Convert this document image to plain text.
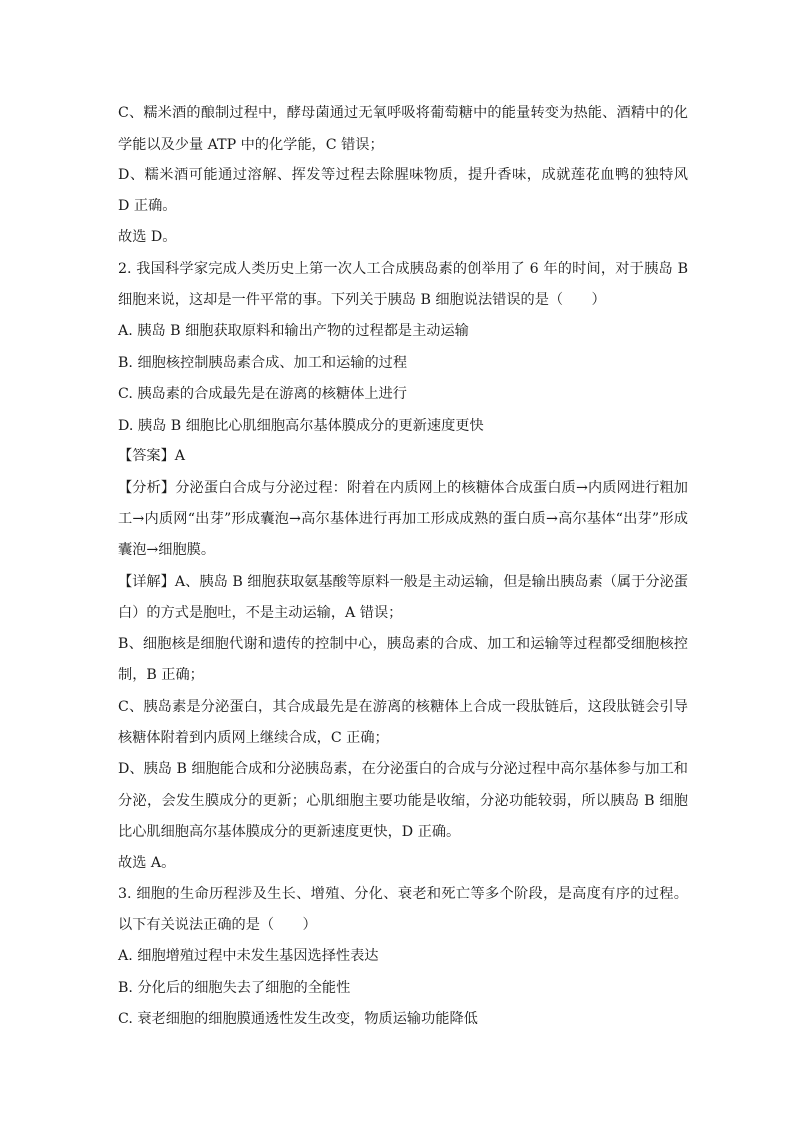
C、糯米酒的酿制过程中，酵母菌通过无氧呼吸将葡萄糖中的能量转变为热能、酒精中的化
学能以及少量 ATP 中的化学能，C 错误；
D、糯米酒可能通过溶解、挥发等过程去除腥味物质，提升香味，成就莲花血鸭的独特风
D 正确。
故选 D。
2. 我国科学家完成人类历史上第一次人工合成胰岛素的创举用了 6 年的时间，对于胰岛 B
细胞来说，这却是一件平常的事。下列关于胰岛 B 细胞说法错误的是（　　）
A. 胰岛 B 细胞获取原料和输出产物的过程都是主动运输
B. 细胞核控制胰岛素合成、加工和运输的过程
C. 胰岛素的合成最先是在游离的核糖体上进行
D. 胰岛 B 细胞比心肌细胞高尔基体膜成分的更新速度更快
【答案】A
【分析】分泌蛋白合成与分泌过程：附着在内质网上的核糖体合成蛋白质→内质网进行粗加
工→内质网“出芽”形成囊泡→高尔基体进行再加工形成成熟的蛋白质→高尔基体“出芽”形成
囊泡→细胞膜。
【详解】A、胰岛 B 细胞获取氨基酸等原料一般是主动运输，但是输出胰岛素（属于分泌蛋
白）的方式是胞吐，不是主动运输，A 错误；
B、细胞核是细胞代谢和遗传的控制中心，胰岛素的合成、加工和运输等过程都受细胞核控
制，B 正确；
C、胰岛素是分泌蛋白，其合成最先是在游离的核糖体上合成一段肽链后，这段肽链会引导
核糖体附着到内质网上继续合成，C 正确；
D、胰岛 B 细胞能合成和分泌胰岛素，在分泌蛋白的合成与分泌过程中高尔基体参与加工和
分泌，会发生膜成分的更新；心肌细胞主要功能是收缩，分泌功能较弱，所以胰岛 B 细胞
比心肌细胞高尔基体膜成分的更新速度更快，D 正确。
故选 A。
3. 细胞的生命历程涉及生长、增殖、分化、衰老和死亡等多个阶段，是高度有序的过程。
以下有关说法正确的是（　　）
A. 细胞增殖过程中未发生基因选择性表达
B. 分化后的细胞失去了细胞的全能性
C. 衰老细胞的细胞膜通透性发生改变，物质运输功能降低
